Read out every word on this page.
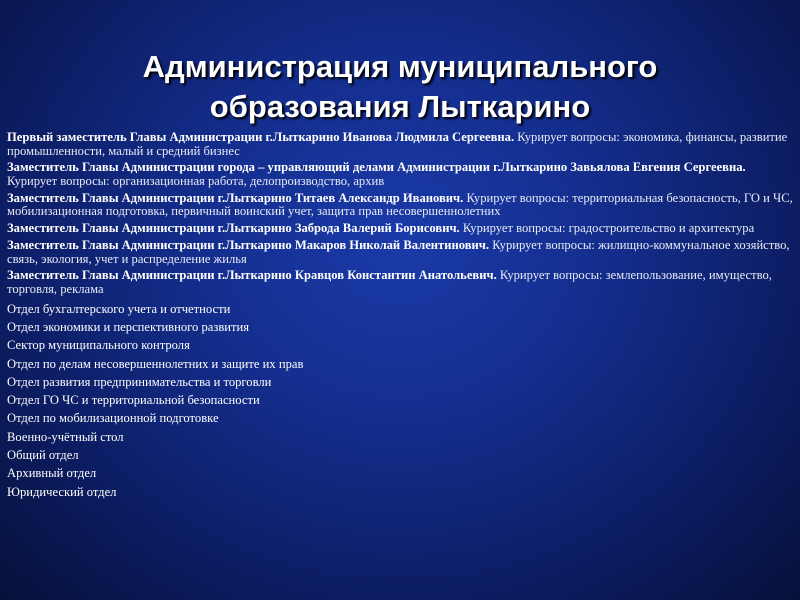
Администрация муниципального
образования Лыткарино
Первый заместитель Главы Администрации г.Лыткарино Иванова Людмила Сергеевна. Курирует вопросы: экономика, финансы, развитие промышленности, малый и средний бизнес
Заместитель Главы Администрации города – управляющий делами Администрации г.Лыткарино Завьялова Евгения Сергеевна. Курирует вопросы: организационная работа, делопроизводство, архив
Заместитель Главы Администрации г.Лыткарино Титаев Александр Иванович. Курирует вопросы: территориальная безопасность, ГО и ЧС, мобилизационная подготовка, первичный воинский учет, защита прав несовершеннолетних
Заместитель Главы Администрации г.Лыткарино Заброда Валерий Борисович. Курирует вопросы: градостроительство и архитектура
Заместитель Главы Администрации г.Лыткарино Макаров Николай Валентинович. Курирует вопросы: жилищно-коммунальное хозяйство, связь, экология, учет и распределение жилья
Заместитель Главы Администрации г.Лыткарино Кравцов Константин Анатольевич. Курирует вопросы: землепользование, имущество, торговля, реклама
Отдел бухгалтерского учета и отчетности
Отдел экономики и перспективного развития
Сектор муниципального контроля
Отдел по делам несовершеннолетних и защите их прав
Отдел развития предпринимательства и торговли
Отдел ГО ЧС и территориальной безопасности
Отдел по мобилизационной подготовке
Военно-учётный стол
Общий отдел
Архивный отдел
Юридический отдел
